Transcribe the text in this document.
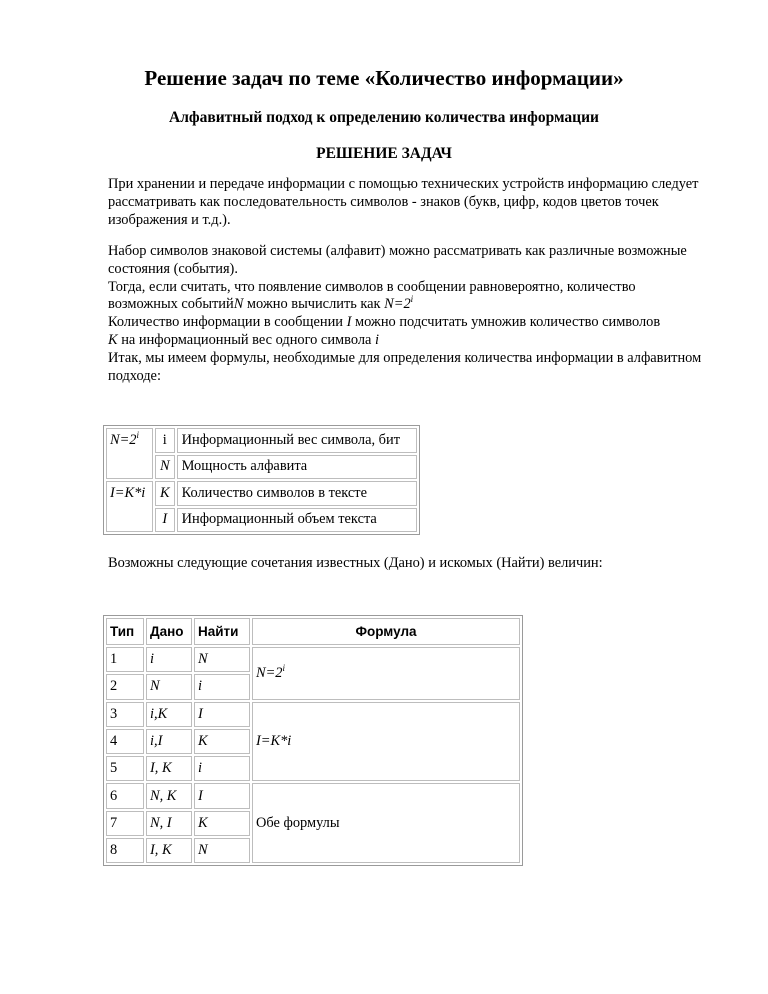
Решение задач по теме «Количество информации»
Алфавитный подход к определению количества информации
РЕШЕНИЕ ЗАДАЧ
При хранении и передаче информации с помощью технических устройств информацию следует рассматривать как последовательность символов - знаков (букв, цифр, кодов цветов точек изображения и т.д.).
Набор символов знаковой системы (алфавит) можно рассматривать как различные возможные состояния (события).
Тогда, если считать, что появление символов в сообщении равновероятно, количество возможных событийN можно вычислить как $N=2^i$
Количество информации в сообщении I можно подсчитать умножив количество символов
K на информационный вес одного символа i
Итак, мы имеем формулы, необходимые для определения количества информации в алфавитном подходе:
$N=2^i$	i	Информационный вес символа, бит
	N	Мощность алфавита
I=K*i	K	Количество символов в тексте
	I	Информационный объем текста
Возможны следующие сочетания известных (Дано) и искомых (Найти) величин:
Тип	Дано	Найти	Формула
1	i	N	$N=2^i$
2	N	i	
3	i,K	I	I=K*i
4	i,I	K	
5	I, K	i	
6	N, K	I	Обе формулы
7	N, I	K	
8	I, K	N	
